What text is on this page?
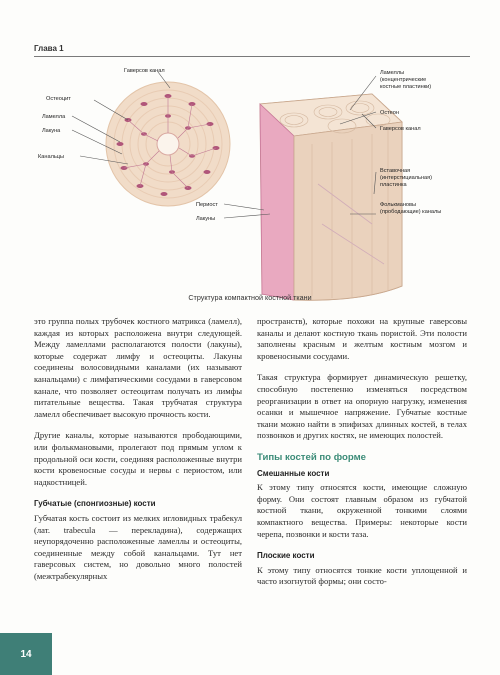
Глава 1
Гаверсов канал
Остеоцит
Ламелла
Лакуна
Канальцы
Ламеллы
(концентрические
костные пластинки)
Остеон
Гаверсов канал
Вставочная
(интерстициальная)
пластинка
Фолькмановы
(прободающие) каналы
Периост
Лакуны
Структура компактной костной ткани

это группа полых трубочек костного матрикса (ламелл), каждая из которых расположена внутри следующей. Между ламеллами располагаются полости (лакуны), которые содержат лимфу и остеоциты. Лакуны соединены волосовидными каналами (их называют канальцами) с лимфатическими сосудами в гаверсовом канале, что позволяет остеоцитам получать из лимфы питательные вещества. Такая трубчатая структура ламелл обеспечивает высокую прочность кости.

Другие каналы, которые называются прободающими, или фолькмановыми, пролегают под прямым углом к продольной оси кости, соединяя расположенные внутри кости кровеносные сосуды и нервы с периостом, или надкостницей.

Губчатые (спонгиозные) кости

Губчатая кость состоит из мелких игловидных трабекул (лат. trabecula — перекладина), содержащих неупорядоченно расположенные ламеллы и остеоциты, соединенные между собой канальцами. Тут нет гаверсовых систем, но довольно много полостей (межтрабекулярных

пространств), которые похожи на крупные гаверсовы каналы и делают костную ткань пористой. Эти полости заполнены красным и желтым костным мозгом и кровеносными сосудами.

Такая структура формирует динамическую решетку, способную постепенно изменяться посредством реорганизации в ответ на опорную нагрузку, изменения осанки и мышечное напряжение. Губчатые костные ткани можно найти в эпифизах длинных костей, в телах позвонков и других костях, не имеющих полостей.

Типы костей по форме
Смешанные кости

К этому типу относятся кости, имеющие сложную форму. Они состоят главным образом из губчатой костной ткани, окруженной тонкими слоями компактного вещества. Примеры: некоторые кости черепа, позвонки и кости таза.

Плоские кости

К этому типу относятся тонкие кости уплощенной и часто изогнутой формы; они состо-

14
